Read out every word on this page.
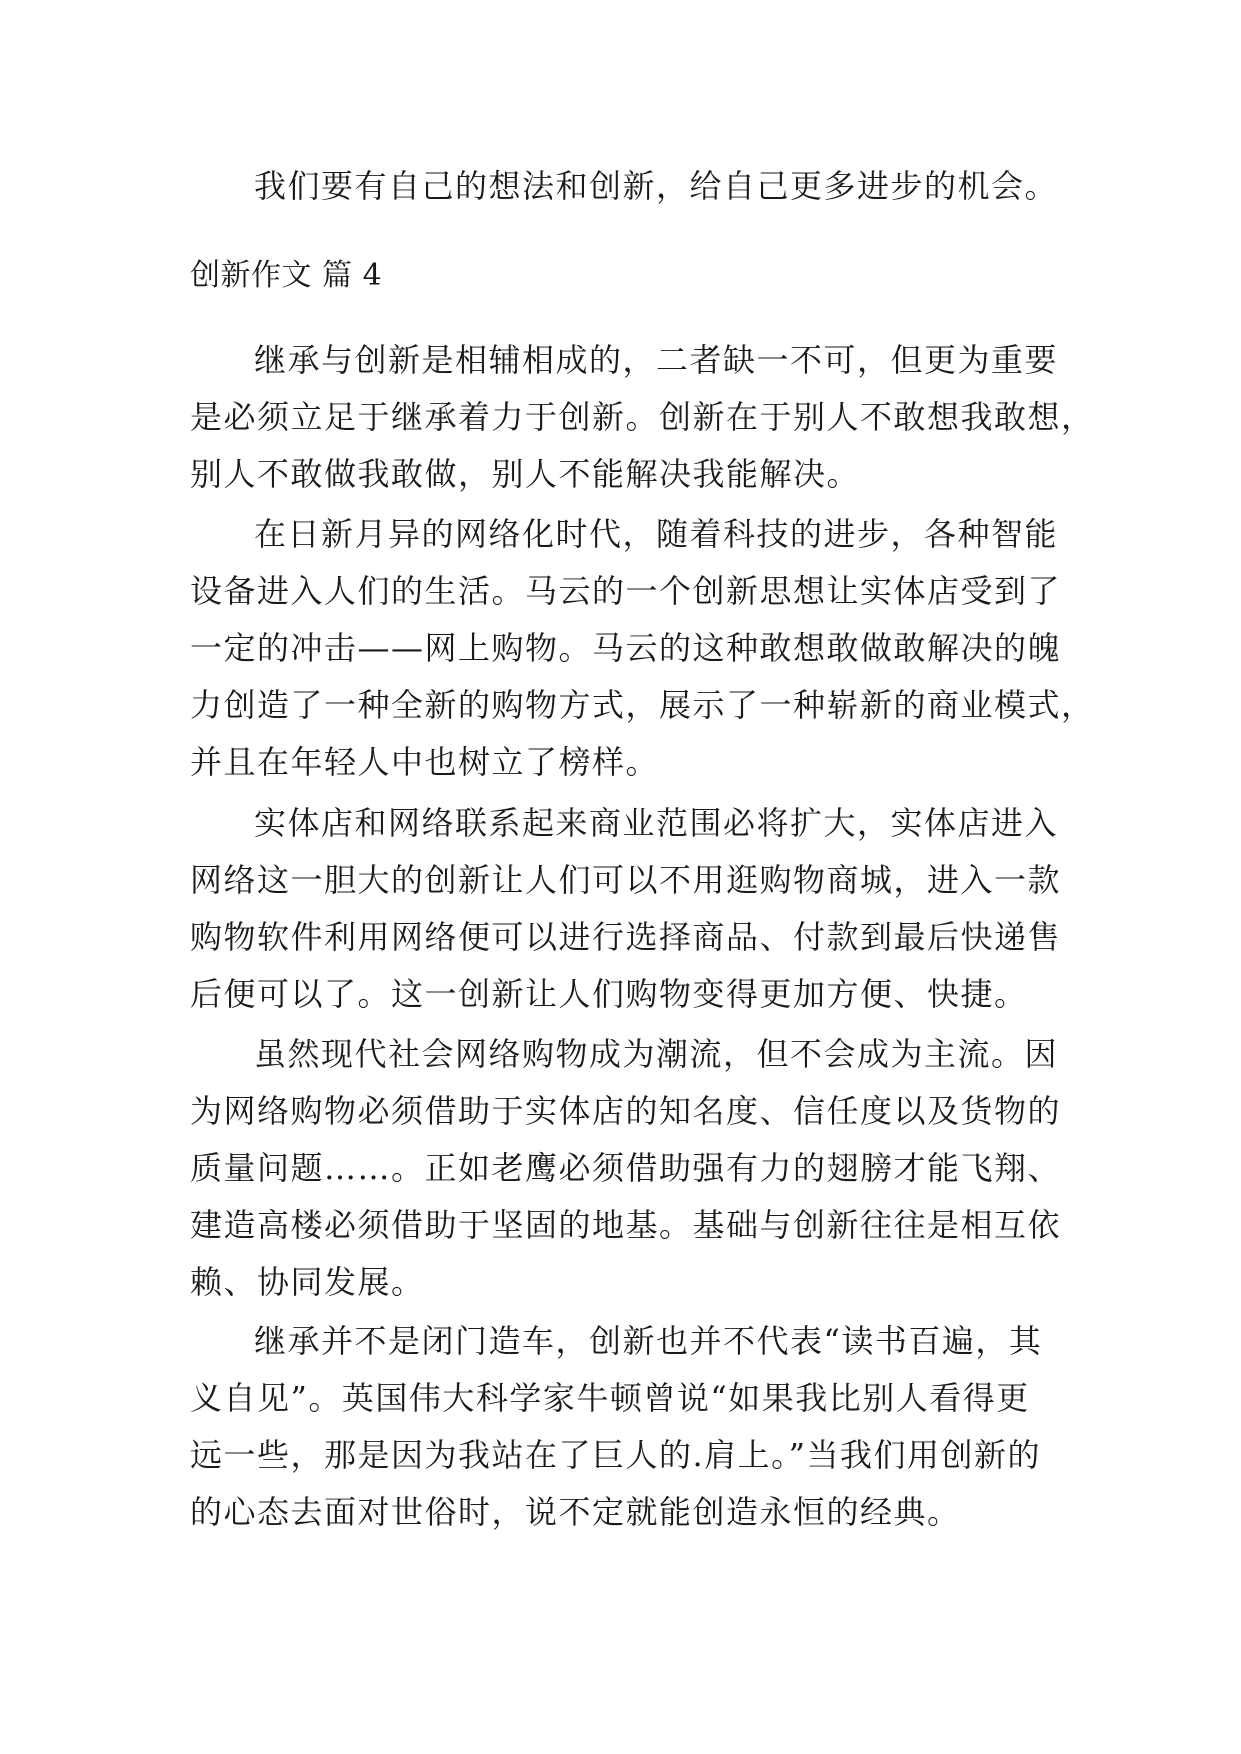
我们要有自己的想法和创新，给自己更多进步的机会。
创新作文 篇 4
继承与创新是相辅相成的，二者缺一不可，但更为重要
是必须立足于继承着力于创新。创新在于别人不敢想我敢想，
别人不敢做我敢做，别人不能解决我能解决。
在日新月异的网络化时代，随着科技的进步，各种智能
设备进入人们的生活。马云的一个创新思想让实体店受到了
一定的冲击——网上购物。马云的这种敢想敢做敢解决的魄
力创造了一种全新的购物方式，展示了一种崭新的商业模式，
并且在年轻人中也树立了榜样。
实体店和网络联系起来商业范围必将扩大，实体店进入
网络这一胆大的创新让人们可以不用逛购物商城，进入一款
购物软件利用网络便可以进行选择商品、付款到最后快递售
后便可以了。这一创新让人们购物变得更加方便、快捷。
虽然现代社会网络购物成为潮流，但不会成为主流。因
为网络购物必须借助于实体店的知名度、信任度以及货物的
质量问题……。正如老鹰必须借助强有力的翅膀才能飞翔、
建造高楼必须借助于坚固的地基。基础与创新往往是相互依
赖、协同发展。
继承并不是闭门造车，创新也并不代表“读书百遍，其
义自见”。英国伟大科学家牛顿曾说“如果我比别人看得更
远一些，那是因为我站在了巨人的.肩上。”当我们用创新的
的心态去面对世俗时，说不定就能创造永恒的经典。
